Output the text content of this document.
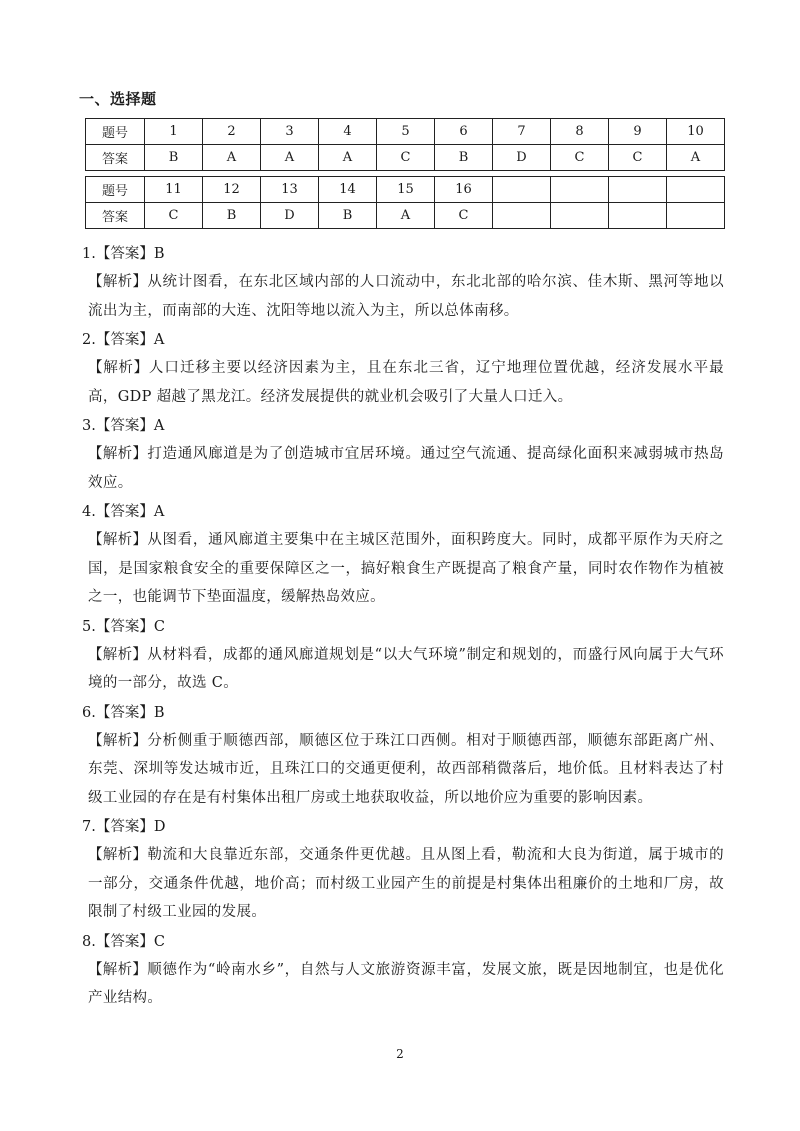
一、选择题
题号	1	2	3	4	5	6	7	8	9	10
答案	B	A	A	A	C	B	D	C	C	A
题号	11	12	13	14	15	16				
答案	C	B	D	B	A	C				
1.【答案】B
【解析】从统计图看，在东北区域内部的人口流动中，东北北部的哈尔滨、佳木斯、黑河等地以流出为主，而南部的大连、沈阳等地以流入为主，所以总体南移。
2.【答案】A
【解析】人口迁移主要以经济因素为主，且在东北三省，辽宁地理位置优越，经济发展水平最高，GDP 超越了黑龙江。经济发展提供的就业机会吸引了大量人口迁入。
3.【答案】A
【解析】打造通风廊道是为了创造城市宜居环境。通过空气流通、提高绿化面积来减弱城市热岛效应。
4.【答案】A
【解析】从图看，通风廊道主要集中在主城区范围外，面积跨度大。同时，成都平原作为天府之国，是国家粮食安全的重要保障区之一，搞好粮食生产既提高了粮食产量，同时农作物作为植被之一，也能调节下垫面温度，缓解热岛效应。
5.【答案】C
【解析】从材料看，成都的通风廊道规划是“以大气环境”制定和规划的，而盛行风向属于大气环境的一部分，故选 C。
6.【答案】B
【解析】分析侧重于顺德西部，顺德区位于珠江口西侧。相对于顺德西部，顺德东部距离广州、东莞、深圳等发达城市近，且珠江口的交通更便利，故西部稍微落后，地价低。且材料表达了村级工业园的存在是有村集体出租厂房或土地获取收益，所以地价应为重要的影响因素。
7.【答案】D
【解析】勒流和大良靠近东部，交通条件更优越。且从图上看，勒流和大良为街道，属于城市的一部分，交通条件优越，地价高；而村级工业园产生的前提是村集体出租廉价的土地和厂房，故限制了村级工业园的发展。
8.【答案】C
【解析】顺德作为“岭南水乡”，自然与人文旅游资源丰富，发展文旅，既是因地制宜，也是优化产业结构。
2
